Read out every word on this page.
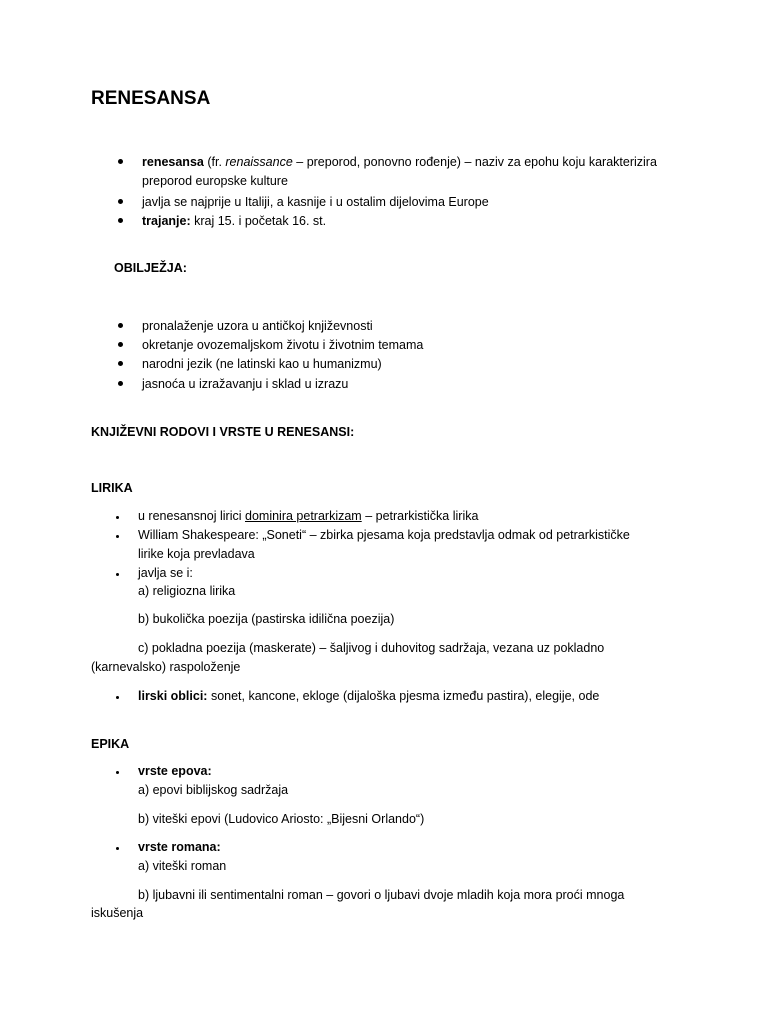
RENESANSA
renesansa (fr. renaissance – preporod, ponovno rođenje) – naziv za epohu koju karakterizira
preporod europske kulture
javlja se najprije u Italiji, a kasnije i u ostalim dijelovima Europe
trajanje: kraj 15. i početak 16. st.
OBILJEŽJA:
pronalaženje uzora u antičkoj književnosti
okretanje ovozemaljskom životu i životnim temama
narodni jezik (ne latinski kao u humanizmu)
jasnoća u izražavanju i sklad u izrazu
KNJIŽEVNI RODOVI I VRSTE U RENESANSI:
LIRIKA
u renesansnoj lirici dominira petrarkizam – petrarkistička lirika
William Shakespeare: „Soneti“ – zbirka pjesama koja predstavlja odmak od petrarkističke
lirike koja prevladava
javlja se i:
a) religiozna lirika
b) bukolička poezija (pastirska idilična poezija)
c) pokladna poezija (maskerate) – šaljivog i duhovitog sadržaja, vezana uz pokladno
(karnevalsko) raspoloženje
lirski oblici: sonet, kancone, ekloge (dijaloška pjesma između pastira), elegije, ode
EPIKA
vrste epova:
a) epovi biblijskog sadržaja
b) viteški epovi (Ludovico Ariosto: „Bijesni Orlando“)
vrste romana:
a) viteški roman
b) ljubavni ili sentimentalni roman – govori o ljubavi dvoje mladih koja mora proći mnoga
iskušenja
